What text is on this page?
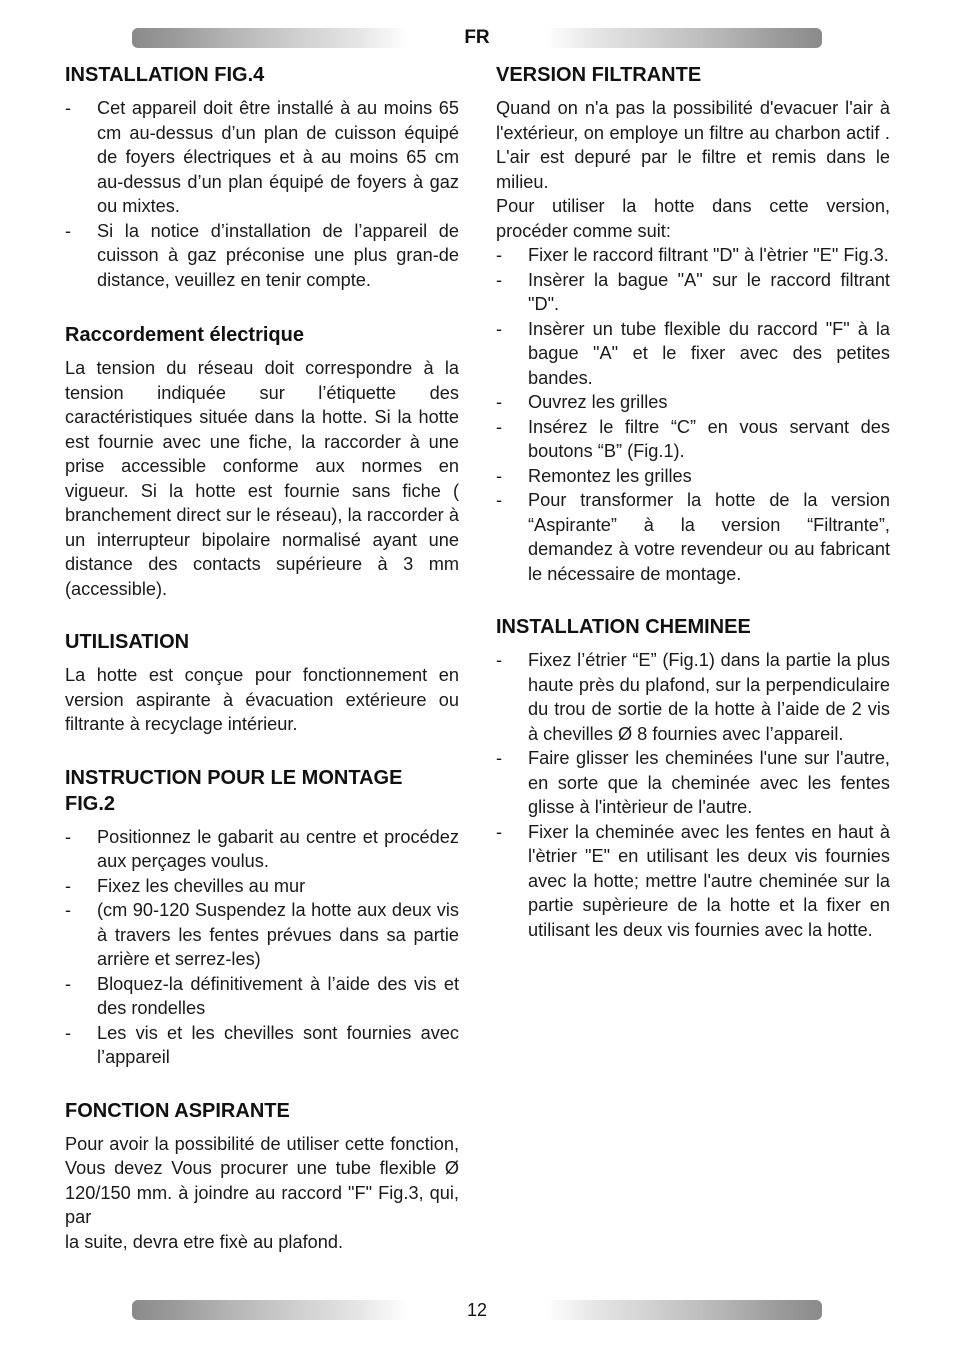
FR
INSTALLATION FIG.4
- Cet appareil doit être installé à au moins 65 cm au-dessus d’un plan de cuisson équipé de foyers électriques et à au moins 65 cm au-dessus d’un plan équipé de foyers à gaz ou mixtes.
- Si la notice d’installation de l’appareil de cuisson à gaz préconise une plus gran-de distance, veuillez en tenir compte.
Raccordement électrique

La tension du réseau doit correspondre à la tension indiquée sur l’étiquette des caractéristiques située dans la hotte. Si la hotte est fournie avec une fiche, la raccorder à une prise accessible conforme aux normes en vigueur. Si la hotte est fournie sans fiche ( branchement direct sur le réseau), la raccorder à un interrupteur bipolaire normalisé ayant une distance des contacts supérieure à 3 mm (accessible).

UTILISATION

La hotte est conçue pour fonctionnement en version aspirante à évacuation extérieure ou filtrante à recyclage intérieur.

INSTRUCTION POUR LE MONTAGE FIG.2
- Positionnez le gabarit au centre et procédez aux perçages voulus.
- Fixez les chevilles au mur
- (cm 90-120 Suspendez la hotte aux deux vis à travers les fentes prévues dans sa partie arrière et serrez-les)
- Bloquez-la définitivement à l’aide des vis et des rondelles
- Les vis et les chevilles sont fournies avec l’appareil
FONCTION ASPIRANTE

Pour avoir la possibilité de utiliser cette fonction, Vous devez Vous procurer une tube flexible Ø 120/150 mm. à joindre au raccord "F" Fig.3, qui, par

la suite, devra etre fixè au plafond.

VERSION FILTRANTE

Quand on n'a pas la possibilité d'evacuer l'air à l'extérieur, on employe un filtre au charbon actif . L'air est depuré par le filtre et remis dans le milieu.

Pour utiliser la hotte dans cette version, procéder comme suit:

- Fixer le raccord filtrant "D" à l'ètrier "E" Fig.3.
- Insèrer la bague "A" sur le raccord filtrant "D".
- Insèrer un tube flexible du raccord "F" à la bague "A" et le fixer avec des petites bandes.
- Ouvrez les grilles
- Insérez le filtre “C” en vous servant des boutons “B” (Fig.1).
- Remontez les grilles
- Pour transformer la hotte de la version “Aspirante” à la version “Filtrante”, demandez à votre revendeur ou au fabricant le nécessaire de montage.
INSTALLATION CHEMINEE
- Fixez l’étrier “E” (Fig.1) dans la partie la plus haute près du plafond, sur la perpendiculaire du trou de sortie de la hotte à l’aide de 2 vis à chevilles Ø 8 fournies avec l’appareil.
- Faire glisser les cheminées l'une sur l'autre, en sorte que la cheminée avec les fentes glisse à l'intèrieur de l'autre.
- Fixer la cheminée avec les fentes en haut à l'ètrier "E" en utilisant les deux vis fournies avec la hotte; mettre l'autre cheminée sur la partie supèrieure de la hotte et la fixer en utilisant les deux vis fournies avec la hotte.
12
